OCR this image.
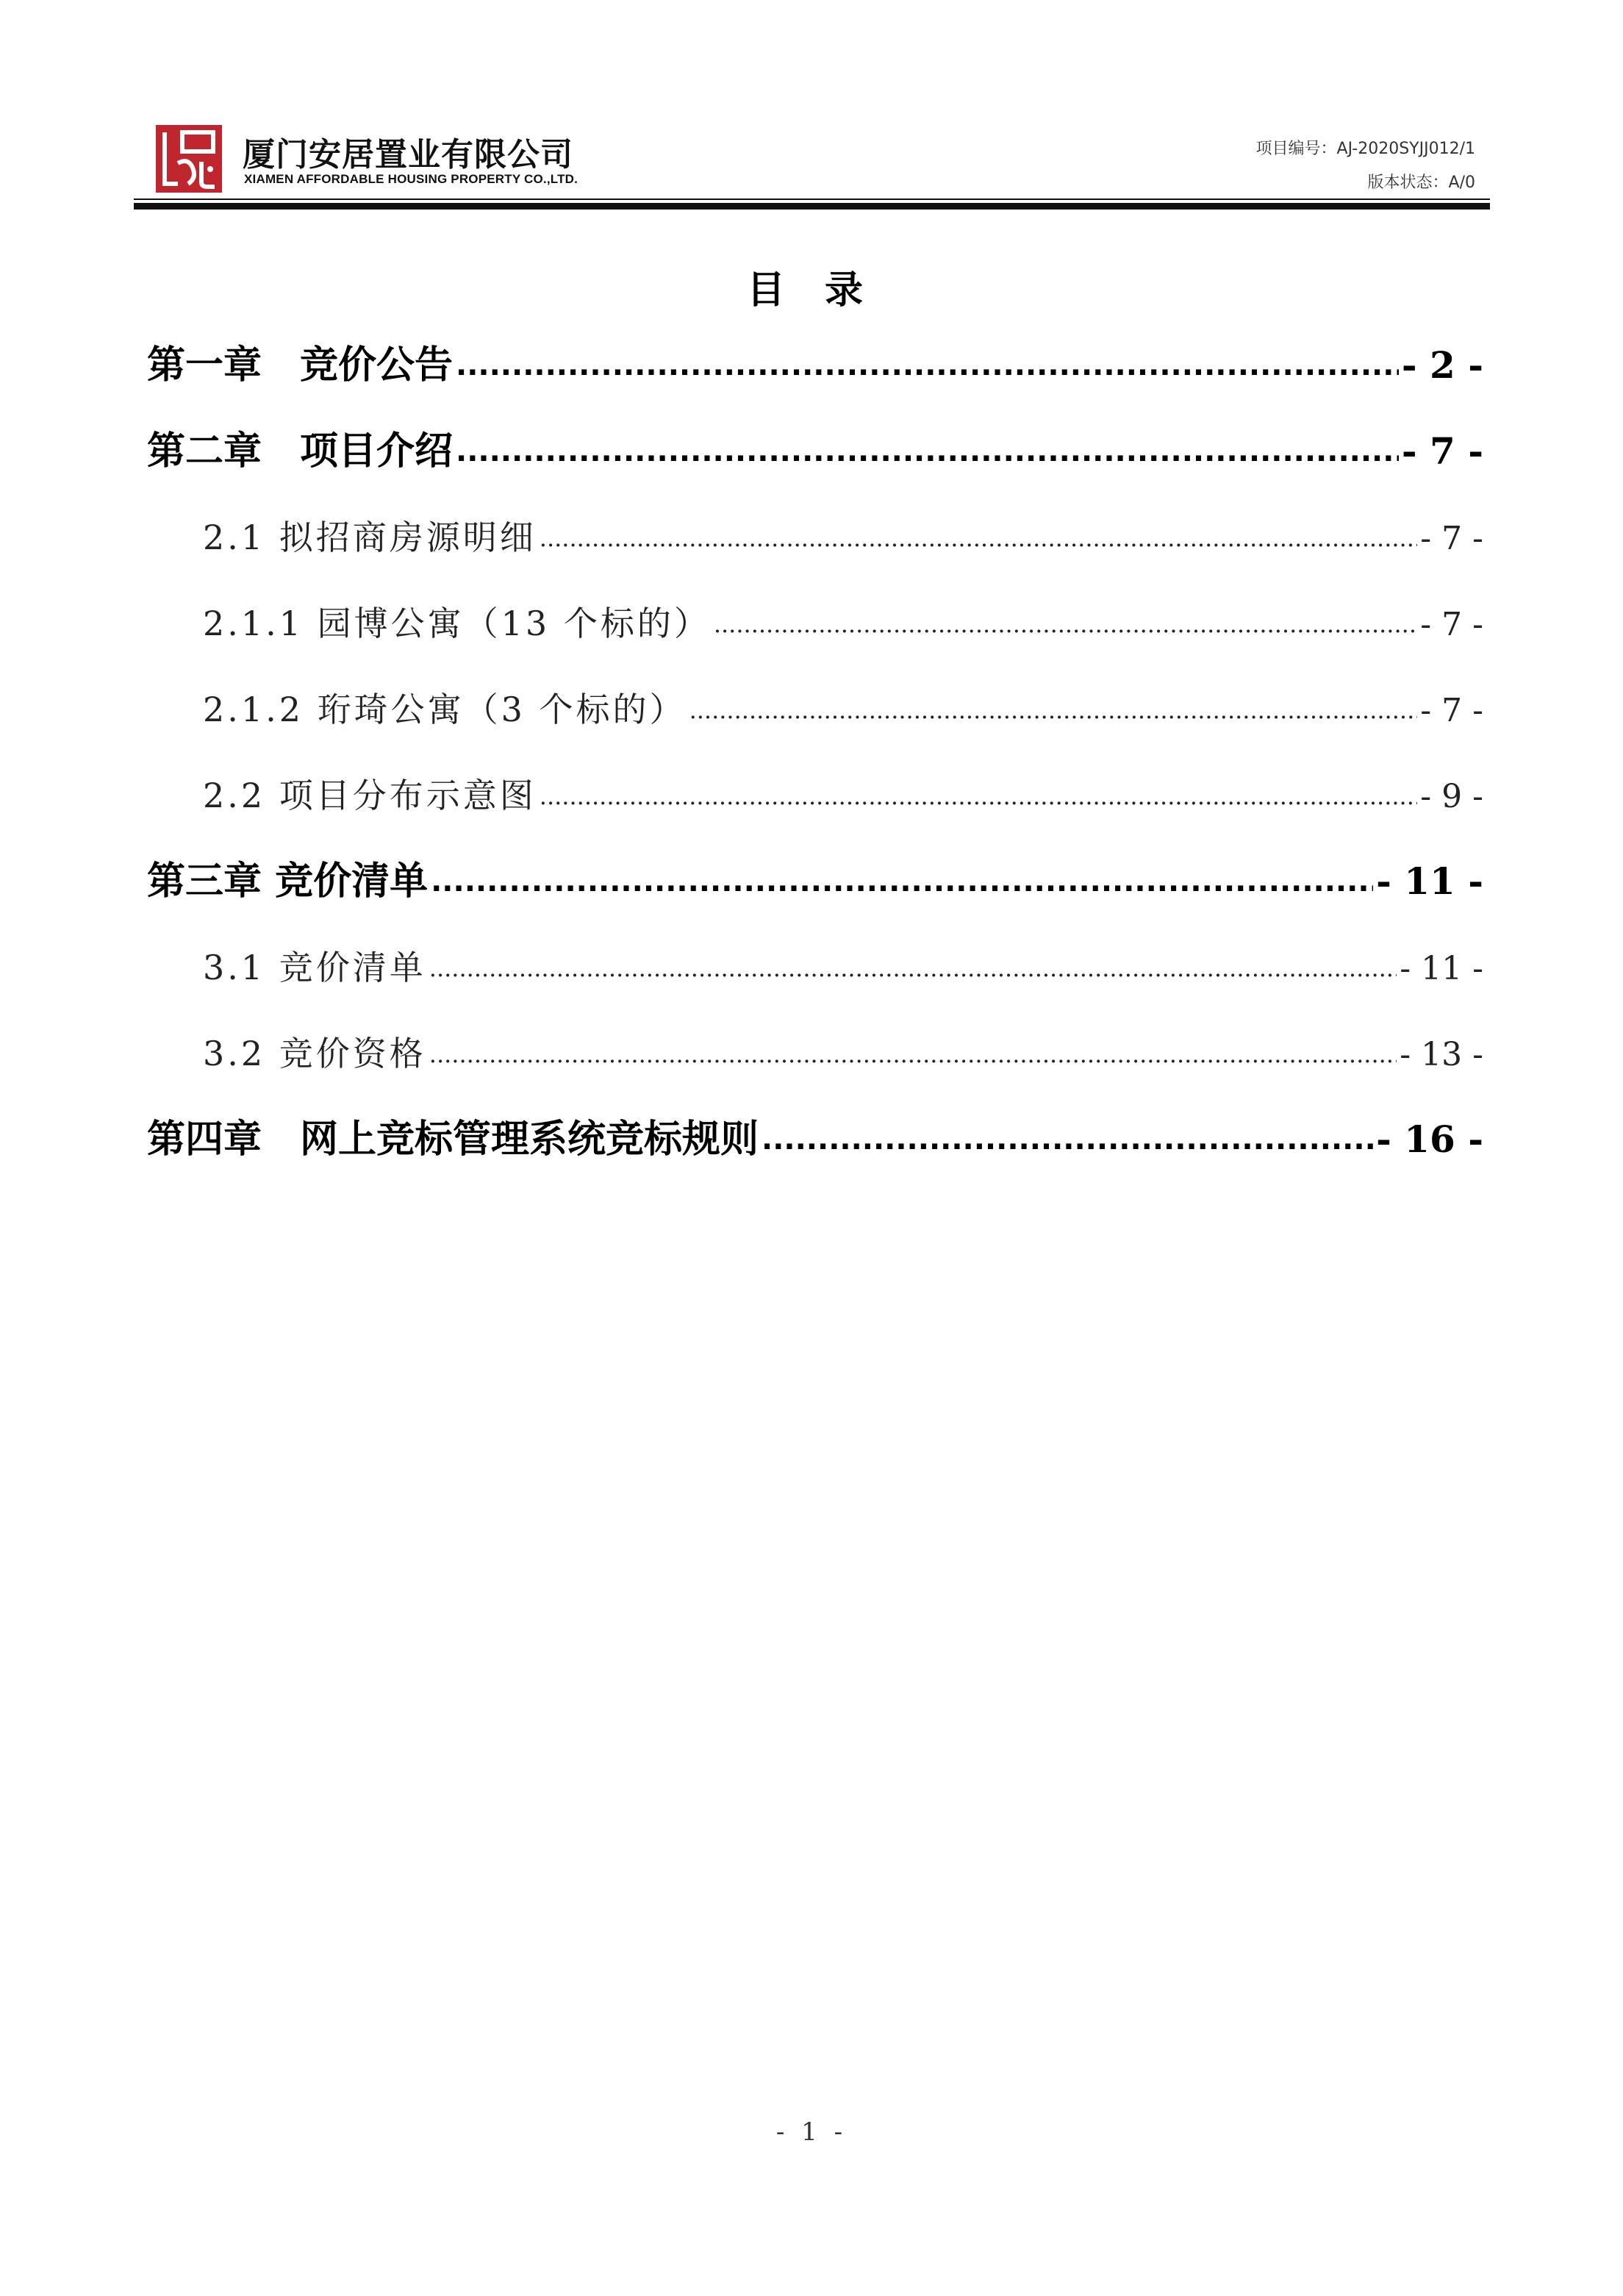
厦门安居置业有限公司
XIAMEN AFFORDABLE HOUSING PROPERTY CO.,LTD.
项目编号：AJ-2020SYJJ012/1
版本状态：A/0
目 录
第一章　竞价公告 .....	- 2 -
第二章　项目介绍 .....	- 7 -
2.1 拟招商房源明细 .....	- 7 -
2.1.1 园博公寓（13 个标的） .....	- 7 -
2.1.2 珩琦公寓（3 个标的） .....	- 7 -
2.2 项目分布示意图 .....	- 9 -
第三章 竞价清单 .....	- 11 -
3.1 竞价清单 .....	- 11 -
3.2 竞价资格 .....	- 13 -
第四章　网上竞标管理系统竞标规则 .....	- 16 -
- 1 -
